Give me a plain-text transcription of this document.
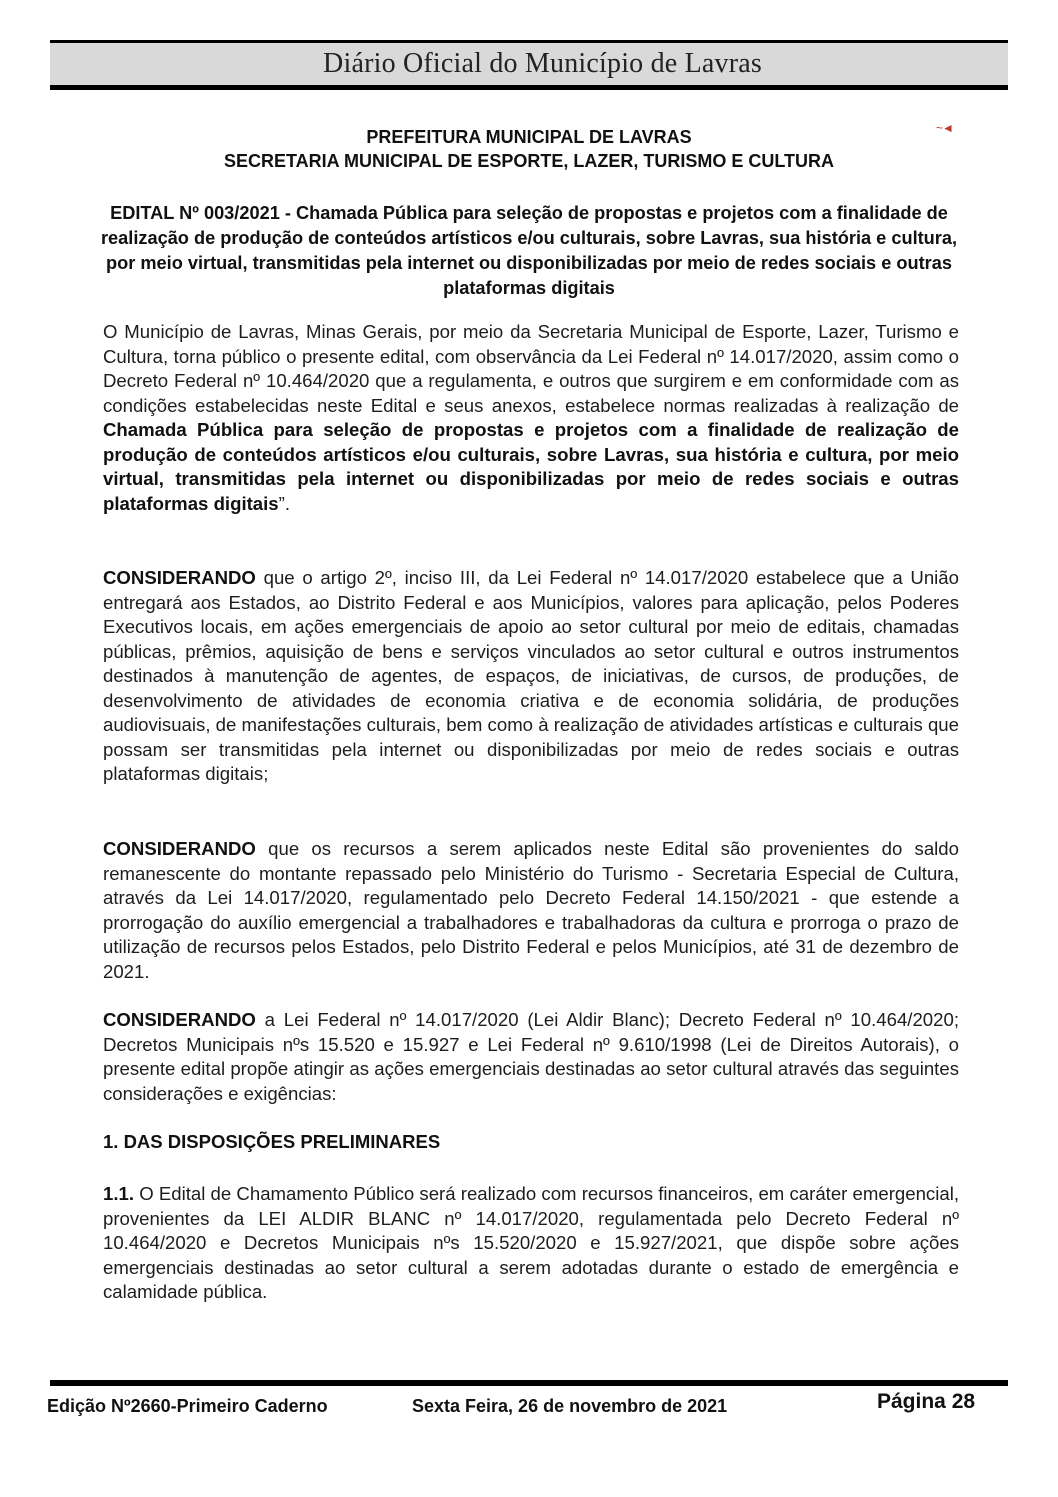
Diário Oficial do Município de Lavras
~◄
PREFEITURA MUNICIPAL DE LAVRAS
SECRETARIA MUNICIPAL DE ESPORTE, LAZER, TURISMO E CULTURA
EDITAL Nº 003/2021 - Chamada Pública para seleção de propostas e projetos com a finalidade de realização de produção de conteúdos artísticos e/ou culturais, sobre Lavras, sua história e cultura, por meio virtual, transmitidas pela internet ou disponibilizadas por meio de redes sociais e outras plataformas digitais
O Município de Lavras, Minas Gerais, por meio da Secretaria Municipal de Esporte, Lazer, Turismo e Cultura, torna público o presente edital, com observância da Lei Federal nº 14.017/2020, assim como o Decreto Federal nº 10.464/2020 que a regulamenta, e outros que surgirem e em conformidade com as condições estabelecidas neste Edital e seus anexos, estabelece normas realizadas à realização de Chamada Pública para seleção de propostas e projetos com a finalidade de realização de produção de conteúdos artísticos e/ou culturais, sobre Lavras, sua história e cultura, por meio virtual, transmitidas pela internet ou disponibilizadas por meio de redes sociais e outras plataformas digitais”.
CONSIDERANDO que o artigo 2º, inciso III, da Lei Federal nº 14.017/2020 estabelece que a União entregará aos Estados, ao Distrito Federal e aos Municípios, valores para aplicação, pelos Poderes Executivos locais, em ações emergenciais de apoio ao setor cultural por meio de editais, chamadas públicas, prêmios, aquisição de bens e serviços vinculados ao setor cultural e outros instrumentos destinados à manutenção de agentes, de espaços, de iniciativas, de cursos, de produções, de desenvolvimento de atividades de economia criativa e de economia solidária, de produções audiovisuais, de manifestações culturais, bem como à realização de atividades artísticas e culturais que possam ser transmitidas pela internet ou disponibilizadas por meio de redes sociais e outras plataformas digitais;
CONSIDERANDO que os recursos a serem aplicados neste Edital são provenientes do saldo remanescente do montante repassado pelo Ministério do Turismo - Secretaria Especial de Cultura, através da Lei 14.017/2020, regulamentado pelo Decreto Federal 14.150/2021 - que estende a prorrogação do auxílio emergencial a trabalhadores e trabalhadoras da cultura e prorroga o prazo de utilização de recursos pelos Estados, pelo Distrito Federal e pelos Municípios, até 31 de dezembro de 2021.
CONSIDERANDO a Lei Federal nº 14.017/2020 (Lei Aldir Blanc); Decreto Federal nº 10.464/2020; Decretos Municipais nºs 15.520 e 15.927 e Lei Federal nº 9.610/1998 (Lei de Direitos Autorais), o presente edital propõe atingir as ações emergenciais destinadas ao setor cultural através das seguintes considerações e exigências:
1. DAS DISPOSIÇÕES PRELIMINARES
1.1. O Edital de Chamamento Público será realizado com recursos financeiros, em caráter emergencial, provenientes da LEI ALDIR BLANC nº 14.017/2020, regulamentada pelo Decreto Federal nº 10.464/2020 e Decretos Municipais nºs 15.520/2020 e 15.927/2021, que dispõe sobre ações emergenciais destinadas ao setor cultural a serem adotadas durante o estado de emergência e calamidade pública.
Edição Nº2660-Primeiro Caderno	Sexta Feira, 26 de novembro de 2021	Página 28
